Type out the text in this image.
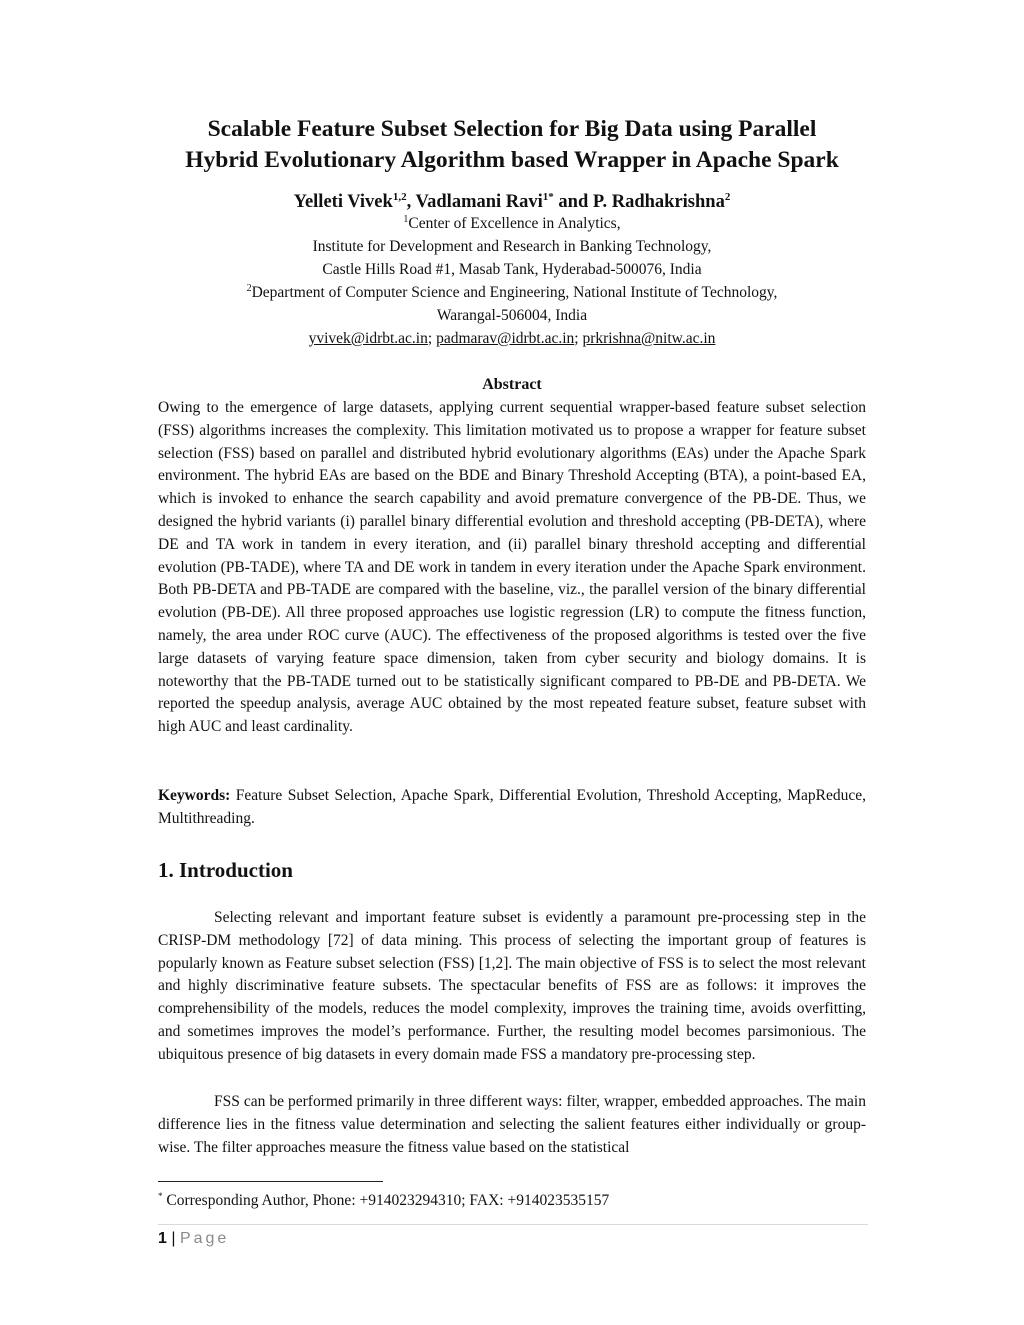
Scalable Feature Subset Selection for Big Data using Parallel
Hybrid Evolutionary Algorithm based Wrapper in Apache Spark
Yelleti Vivek$^{1,2}$, Vadlamani Ravi$^{1*}$ and P. Radhakrishna$^2$
$^1$Center of Excellence in Analytics,
Institute for Development and Research in Banking Technology,
Castle Hills Road #1, Masab Tank, Hyderabad-500076, India
$^2$Department of Computer Science and Engineering, National Institute of Technology,
Warangal-506004, India
yvivek@idrbt.ac.in; padmarav@idrbt.ac.in; prkrishna@nitw.ac.in
Abstract
Owing to the emergence of large datasets, applying current sequential wrapper-based feature subset selection (FSS) algorithms increases the complexity. This limitation motivated us to propose a wrapper for feature subset selection (FSS) based on parallel and distributed hybrid evolutionary algorithms (EAs) under the Apache Spark environment. The hybrid EAs are based on the BDE and Binary Threshold Accepting (BTA), a point-based EA, which is invoked to enhance the search capability and avoid premature convergence of the PB-DE. Thus, we designed the hybrid variants (i) parallel binary differential evolution and threshold accepting (PB-DETA), where DE and TA work in tandem in every iteration, and (ii) parallel binary threshold accepting and differential evolution (PB-TADE), where TA and DE work in tandem in every iteration under the Apache Spark environment. Both PB-DETA and PB-TADE are compared with the baseline, viz., the parallel version of the binary differential evolution (PB-DE). All three proposed approaches use logistic regression (LR) to compute the fitness function, namely, the area under ROC curve (AUC). The effectiveness of the proposed algorithms is tested over the five large datasets of varying feature space dimension, taken from cyber security and biology domains. It is noteworthy that the PB-TADE turned out to be statistically significant compared to PB-DE and PB-DETA. We reported the speedup analysis, average AUC obtained by the most repeated feature subset, feature subset with high AUC and least cardinality.
Keywords: Feature Subset Selection, Apache Spark, Differential Evolution, Threshold Accepting, MapReduce, Multithreading.
1. Introduction
Selecting relevant and important feature subset is evidently a paramount pre-processing step in the CRISP-DM methodology [72] of data mining. This process of selecting the important group of features is popularly known as Feature subset selection (FSS) [1,2]. The main objective of FSS is to select the most relevant and highly discriminative feature subsets. The spectacular benefits of FSS are as follows: it improves the comprehensibility of the models, reduces the model complexity, improves the training time, avoids overfitting, and sometimes improves the model’s performance. Further, the resulting model becomes parsimonious. The ubiquitous presence of big datasets in every domain made FSS a mandatory pre-processing step.
FSS can be performed primarily in three different ways: filter, wrapper, embedded approaches. The main difference lies in the fitness value determination and selecting the salient features either individually or group-wise. The filter approaches measure the fitness value based on the statistical
* Corresponding Author, Phone: +914023294310; FAX: +914023535157
1 | Page
